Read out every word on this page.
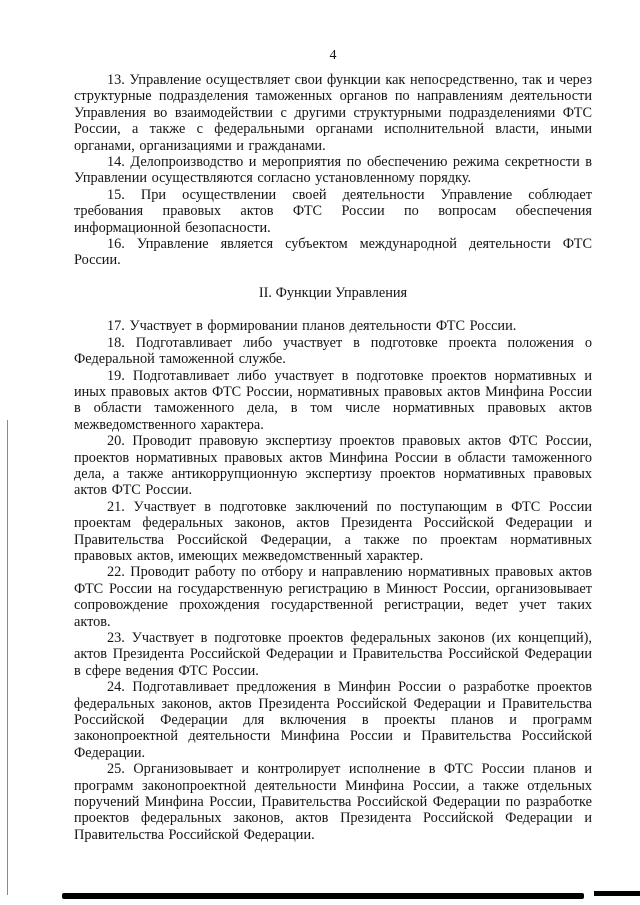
4

13. Управление осуществляет свои функции как непосредственно, так и через структурные подразделения таможенных органов по направлениям деятельности Управления во взаимодействии с другими структурными подразделениями ФТС России, а также с федеральными органами исполнительной власти, иными органами, организациями и гражданами.

14. Делопроизводство и мероприятия по обеспечению режима секретности в Управлении осуществляются согласно установленному порядку.

15. При осуществлении своей деятельности Управление соблюдает требования правовых актов ФТС России по вопросам обеспечения информационной безопасности.

16. Управление является субъектом международной деятельности ФТС России.

II. Функции Управления

17. Участвует в формировании планов деятельности ФТС России.

18. Подготавливает либо участвует в подготовке проекта положения о Федеральной таможенной службе.

19. Подготавливает либо участвует в подготовке проектов нормативных и иных правовых актов ФТС России, нормативных правовых актов Минфина России в области таможенного дела, в том числе нормативных правовых актов межведомственного характера.

20. Проводит правовую экспертизу проектов правовых актов ФТС России, проектов нормативных правовых актов Минфина России в области таможенного дела, а также антикоррупционную экспертизу проектов нормативных правовых актов ФТС России.

21. Участвует в подготовке заключений по поступающим в ФТС России проектам федеральных законов, актов Президента Российской Федерации и Правительства Российской Федерации, а также по проектам нормативных правовых актов, имеющих межведомственный характер.

22. Проводит работу по отбору и направлению нормативных правовых актов ФТС России на государственную регистрацию в Минюст России, организовывает сопровождение прохождения государственной регистрации, ведет учет таких актов.

23. Участвует в подготовке проектов федеральных законов (их концепций), актов Президента Российской Федерации и Правительства Российской Федерации в сфере ведения ФТС России.

24. Подготавливает предложения в Минфин России о разработке проектов федеральных законов, актов Президента Российской Федерации и Правительства Российской Федерации для включения в проекты планов и программ законопроектной деятельности Минфина России и Правительства Российской Федерации.

25. Организовывает и контролирует исполнение в ФТС России планов и программ законопроектной деятельности Минфина России, а также отдельных поручений Минфина России, Правительства Российской Федерации по разработке проектов федеральных законов, актов Президента Российской Федерации и Правительства Российской Федерации.
